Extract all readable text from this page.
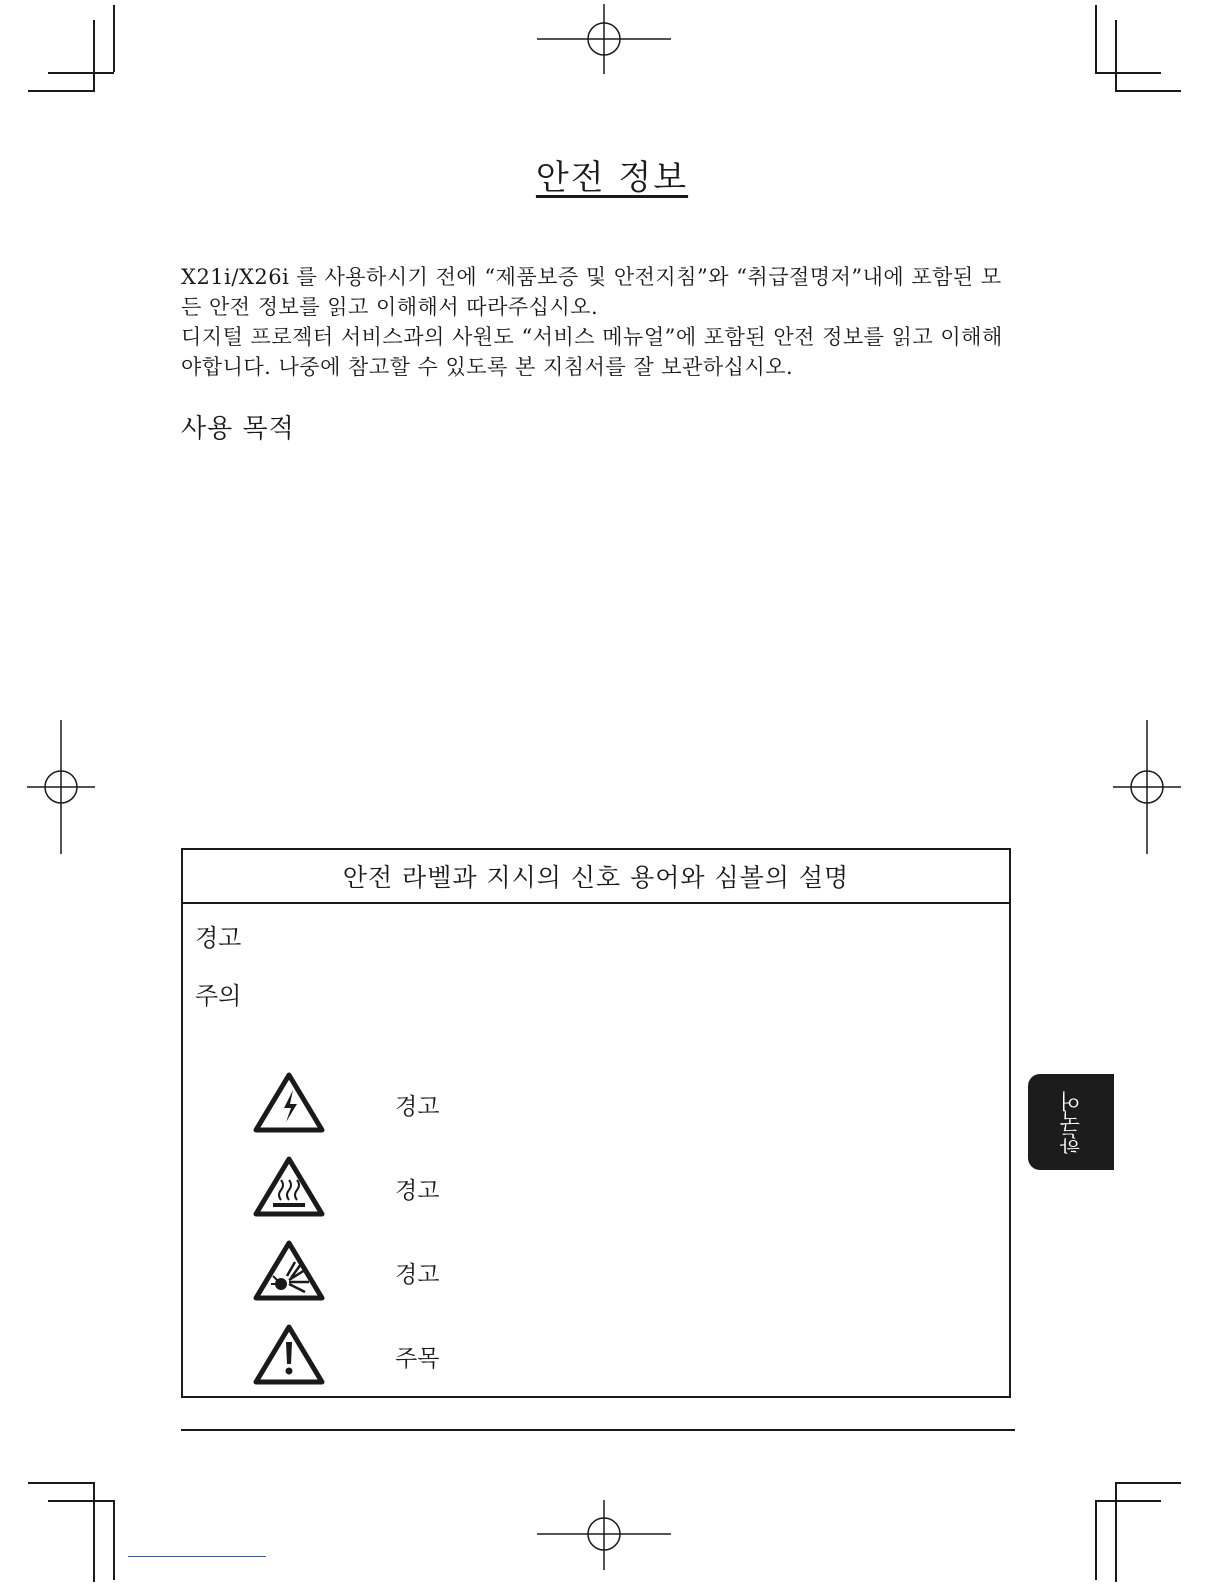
안전 정보

X21i/X26i 를 사용하시기 전에 “제품보증 및 안전지침”와 “취급절명저”내에 포함된 모든 안전 정보를 읽고 이해해서 따라주십시오.

디지털 프로젝터 서비스과의 사원도 “서비스 메뉴얼”에 포함된 안전 정보를 읽고 이해해야합니다. 나중에 참고할 수 있도록 본 지침서를 잘 보관하십시오.

사용 목적
안전 라벨과 지시의 신호 용어와 심볼의 설명
경고
주의
경고
경고
경고
주목
한국어
